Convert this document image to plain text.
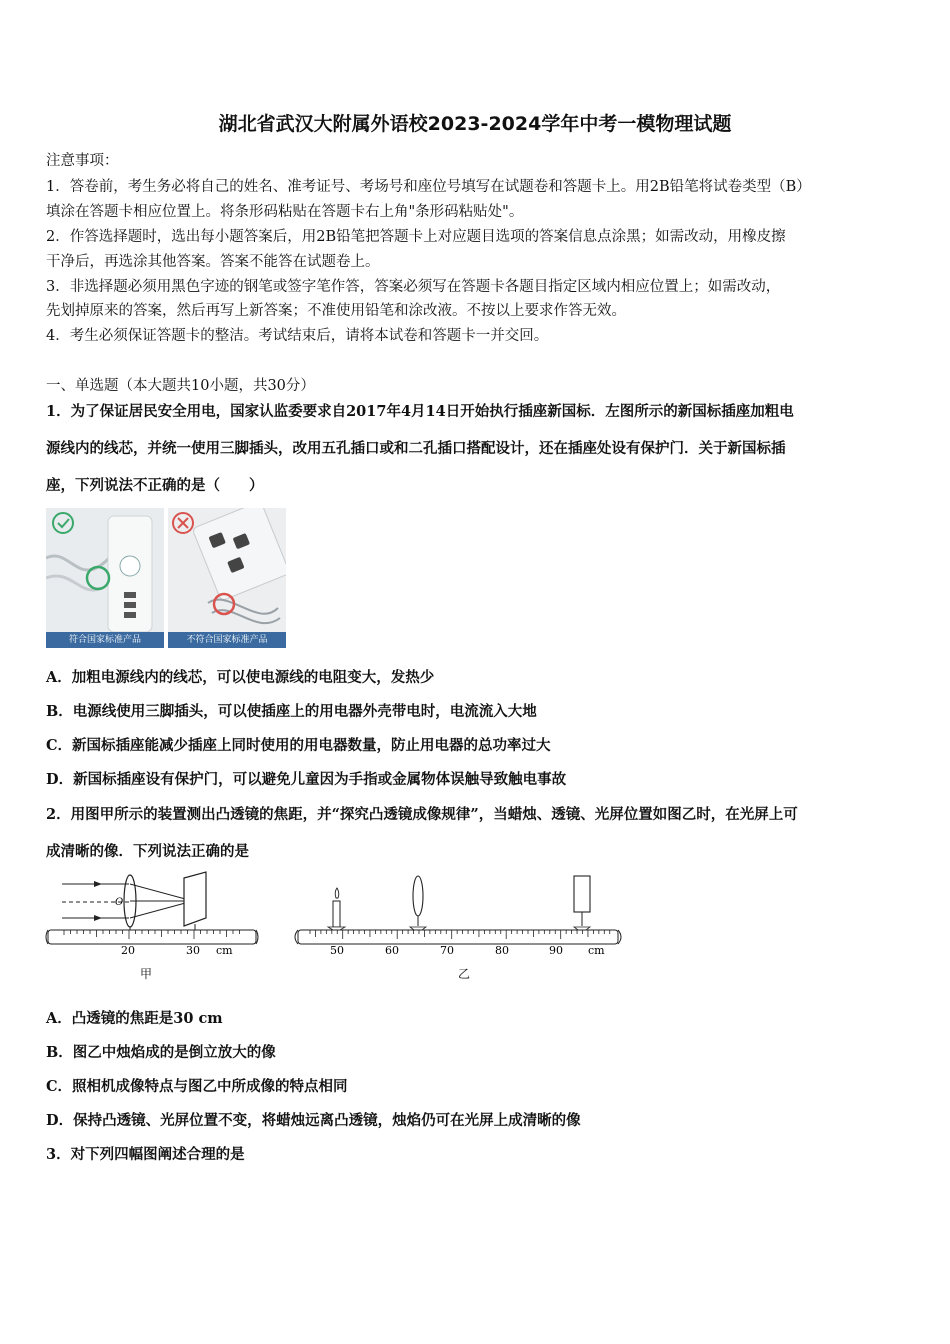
湖北省武汉大附属外语校2023-2024学年中考一模物理试题
注意事项：
1．答卷前，考生务必将自己的姓名、准考证号、考场号和座位号填写在试题卷和答题卡上。用2B铅笔将试卷类型（B）
填涂在答题卡相应位置上。将条形码粘贴在答题卡右上角"条形码粘贴处"。
2．作答选择题时，选出每小题答案后，用2B铅笔把答题卡上对应题目选项的答案信息点涂黑；如需改动，用橡皮擦
干净后，再选涂其他答案。答案不能答在试题卷上。
3．非选择题必须用黑色字迹的钢笔或签字笔作答，答案必须写在答题卡各题目指定区域内相应位置上；如需改动，
先划掉原来的答案，然后再写上新答案；不准使用铅笔和涂改液。不按以上要求作答无效。
4．考生必须保证答题卡的整洁。考试结束后，请将本试卷和答题卡一并交回。
一、单选题（本大题共10小题，共30分）
1．为了保证居民安全用电，国家认监委要求自2017年4月14日开始执行插座新国标．左图所示的新国标插座加粗电
源线内的线芯，并统一使用三脚插头，改用五孔插口或和二孔插口搭配设计，还在插座处设有保护门．关于新国标插
座，下列说法不正确的是（　　）
符合国家标准产品	不符合国家标准产品
A．加粗电源线内的线芯，可以使电源线的电阻变大，发热少
B．电源线使用三脚插头，可以使插座上的用电器外壳带电时，电流流入大地
C．新国标插座能减少插座上同时使用的用电器数量，防止用电器的总功率过大
D．新国标插座设有保护门，可以避免儿童因为手指或金属物体误触导致触电事故
2．用图甲所示的装置测出凸透镜的焦距，并“探究凸透镜成像规律”，当蜡烛、透镜、光屏位置如图乙时，在光屏上可
成清晰的像．下列说法正确的是
O
20	30 cm
甲
50	60	70	80	90 cm
乙
A．凸透镜的焦距是30 cm
B．图乙中烛焰成的是倒立放大的像
C．照相机成像特点与图乙中所成像的特点相同
D．保持凸透镜、光屏位置不变，将蜡烛远离凸透镜，烛焰仍可在光屏上成清晰的像
3．对下列四幅图阐述合理的是
